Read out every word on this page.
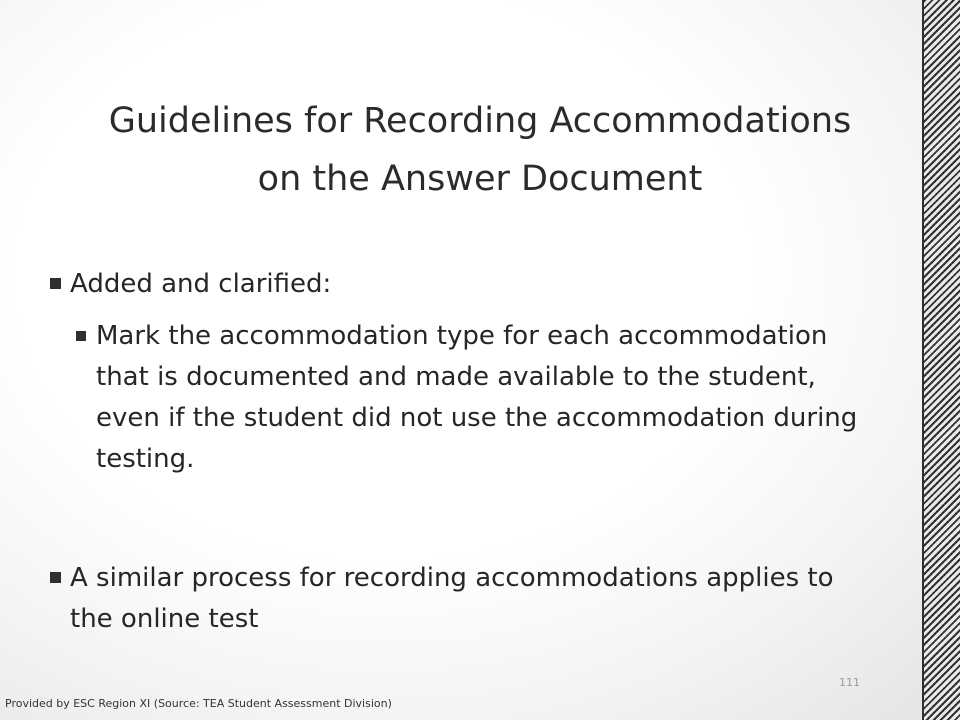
Guidelines for Recording Accommodations
on the Answer Document
Added and clarified:
Mark the accommodation type for each accommodation that is documented and made available to the student, even if the student did not use the accommodation during testing.
A similar process for recording accommodations applies to the online test
111
Provided by ESC Region XI (Source: TEA Student Assessment Division)
